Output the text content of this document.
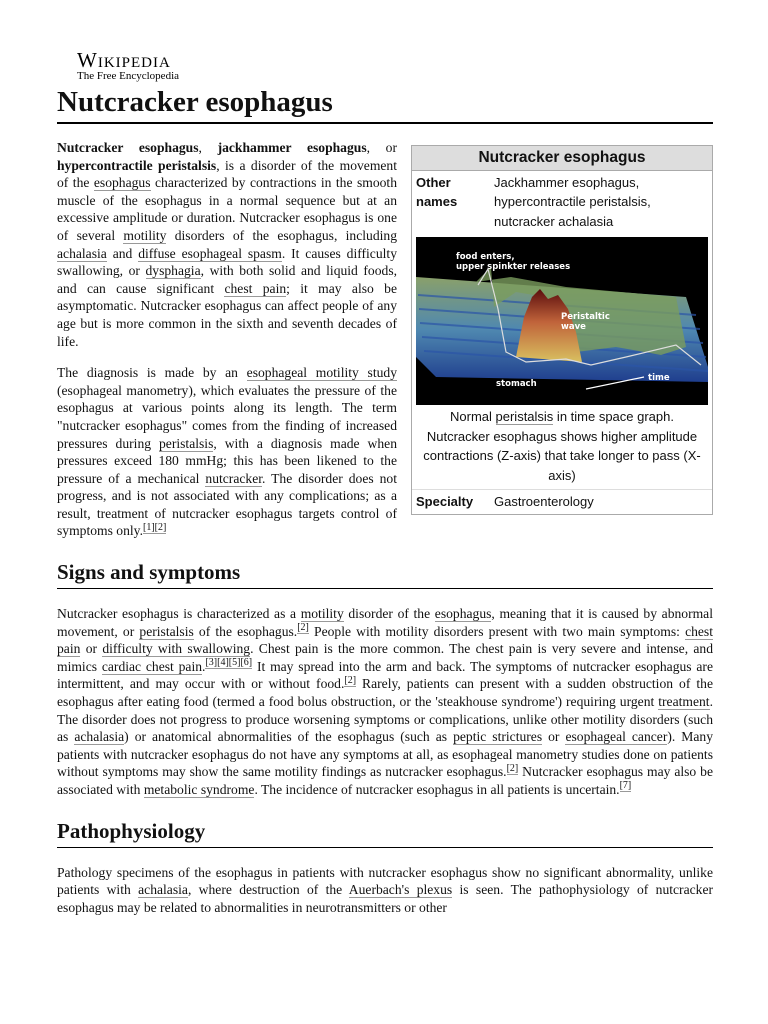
Wikipedia
The Free Encyclopedia
Nutcracker esophagus
Nutcracker esophagus
Other names
Jackhammer esophagus, hypercontractile peristalsis, nutcracker achalasia
food enters,
upper spinkter releases
Peristaltic
wave
stomach
time
Normal peristalsis in time space graph. Nutcracker esophagus shows higher amplitude contractions (Z-axis) that take longer to pass (X-axis)
Specialty	Gastroenterology

Nutcracker esophagus, jackhammer esophagus, or hypercontractile peristalsis, is a disorder of the movement of the esophagus characterized by contractions in the smooth muscle of the esophagus in a normal sequence but at an excessive amplitude or duration. Nutcracker esophagus is one of several motility disorders of the esophagus, including achalasia and diffuse esophageal spasm. It causes difficulty swallowing, or dysphagia, with both solid and liquid foods, and can cause significant chest pain; it may also be asymptomatic. Nutcracker esophagus can affect people of any age but is more common in the sixth and seventh decades of life.

The diagnosis is made by an esophageal motility study (esophageal manometry), which evaluates the pressure of the esophagus at various points along its length. The term "nutcracker esophagus" comes from the finding of increased pressures during peristalsis, with a diagnosis made when pressures exceed 180 mmHg; this has been likened to the pressure of a mechanical nutcracker. The disorder does not progress, and is not associated with any complications; as a result, treatment of nutcracker esophagus targets control of symptoms only.[1][2]

Signs and symptoms

Nutcracker esophagus is characterized as a motility disorder of the esophagus, meaning that it is caused by abnormal movement, or peristalsis of the esophagus.[2] People with motility disorders present with two main symptoms: chest pain or difficulty with swallowing. Chest pain is the more common. The chest pain is very severe and intense, and mimics cardiac chest pain.[3][4][5][6] It may spread into the arm and back. The symptoms of nutcracker esophagus are intermittent, and may occur with or without food.[2] Rarely, patients can present with a sudden obstruction of the esophagus after eating food (termed a food bolus obstruction, or the 'steakhouse syndrome') requiring urgent treatment. The disorder does not progress to produce worsening symptoms or complications, unlike other motility disorders (such as achalasia) or anatomical abnormalities of the esophagus (such as peptic strictures or esophageal cancer). Many patients with nutcracker esophagus do not have any symptoms at all, as esophageal manometry studies done on patients without symptoms may show the same motility findings as nutcracker esophagus.[2] Nutcracker esophagus may also be associated with metabolic syndrome. The incidence of nutcracker esophagus in all patients is uncertain.[7]

Pathophysiology

Pathology specimens of the esophagus in patients with nutcracker esophagus show no significant abnormality, unlike patients with achalasia, where destruction of the Auerbach's plexus is seen. The pathophysiology of nutcracker esophagus may be related to abnormalities in neurotransmitters or other
